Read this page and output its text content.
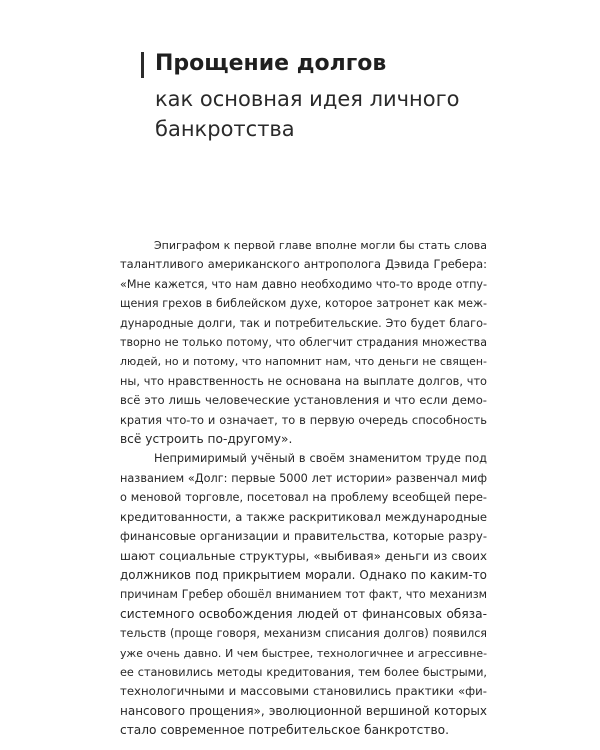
Прощение долгов
как основная идея личного банкротства

Эпиграфом к первой главе вполне могли бы стать слова
талантливого американского антрополога Дэвида Гребера:
«Мне кажется, что нам давно необходимо что-то вроде отпу-
щения грехов в библейском духе, которое затронет как меж-
дународные долги, так и потребительские. Это будет благо-
творно не только потому, что облегчит страдания множества
людей, но и потому, что напомнит нам, что деньги не священ-
ны, что нравственность не основана на выплате долгов, что
всё это лишь человеческие установления и что если демо-
кратия что-то и означает, то в первую очередь способность
всё устроить по-другому».

Непримиримый учёный в своём знаменитом труде под
названием «Долг: первые 5000 лет истории» развенчал миф
о меновой торговле, посетовал на проблему всеобщей пере-
кредитованности, а также раскритиковал международные
финансовые организации и правительства, которые разру-
шают социальные структуры, «выбивая» деньги из своих
должников под прикрытием морали. Однако по каким-то
причинам Гребер обошёл вниманием тот факт, что механизм
системного освобождения людей от финансовых обяза-
тельств (проще говоря, механизм списания долгов) появился
уже очень давно. И чем быстрее, технологичнее и агрессивне-
ее становились методы кредитования, тем более быстрыми,
технологичными и массовыми становились практики «фи-
нансового прощения», эволюционной вершиной которых
стало современное потребительское банкротство.
